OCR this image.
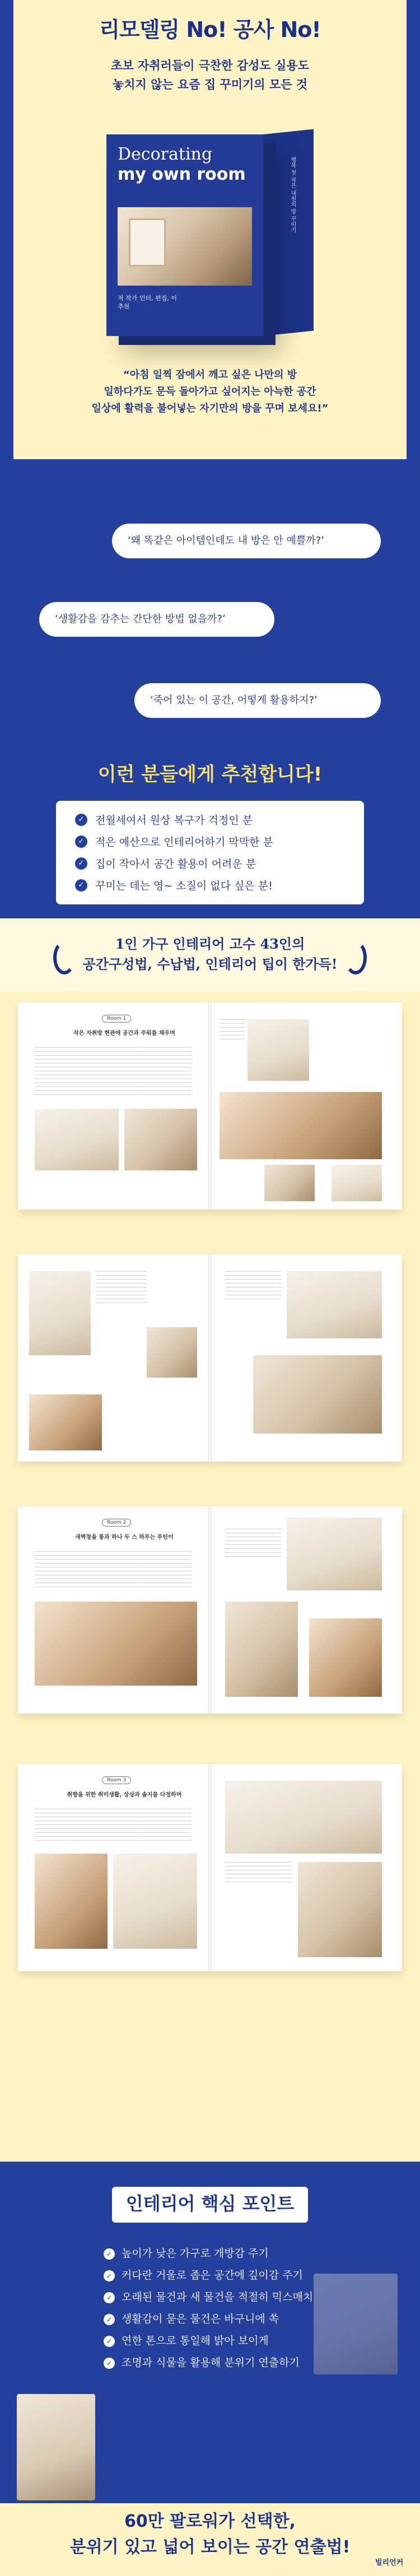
리모델링 No! 공사 No!
초보 자취러들이 극찬한 감성도 실용도
놓치지 않는 요즘 집 꾸미기의 모든 것
Decorating
my own room
저 작가 인터, 편집, 이 추천
행복 첫 작은 내원의 방 꾸미기
“아침 일찍 잠에서 깨고 싶은 나만의 방
일하다가도 문득 돌아가고 싶어지는 아늑한 공간
일상에 활력을 불어넣는 자기만의 방을 꾸며 보세요!”
‘왜 똑같은 아이템인데도 내 방은 안 예쁠까?’
‘생활감을 감추는 간단한 방법 없을까?’
‘죽어 있는 이 공간, 어떻게 활용하지?’
이런 분들에게 추천합니다!
✓ 전월세여서 원상 복구가 걱정인 분
✓ 적은 예산으로 인테리어하기 막막한 분
✓ 집이 작아서 공간 활용이 어려운 분
✓ 꾸미는 데는 영~ 소질이 없다 싶은 분!
1인 가구 인테리어 고수 43인의
공간구성법, 수납법, 인테리어 팁이 한가득!
Room 1
작은 자취방 현관에 공간과 주워를 채우며
Room 2
새벽창을 통과 하나 두 스 하루는 루틴이
Room 3
취향을 위한 취미생활, 상상과 솔지를 다정하며
인테리어 핵심 포인트
✓ 높이가 낮은 가구로 개방감 주기
✓ 커다란 거울로 좁은 공간에 깊이감 주기
✓ 오래된 물건과 새 물건을 적절히 믹스매치
✓ 생활감이 묻은 물건은 바구니에 쏙
✓ 연한 톤으로 통일해 밝아 보이게
✓ 조명과 식물을 활용해 분위기 연출하기
60만 팔로워가 선택한,
분위기 있고 넓어 보이는 공간 연출법!
빌리언커
